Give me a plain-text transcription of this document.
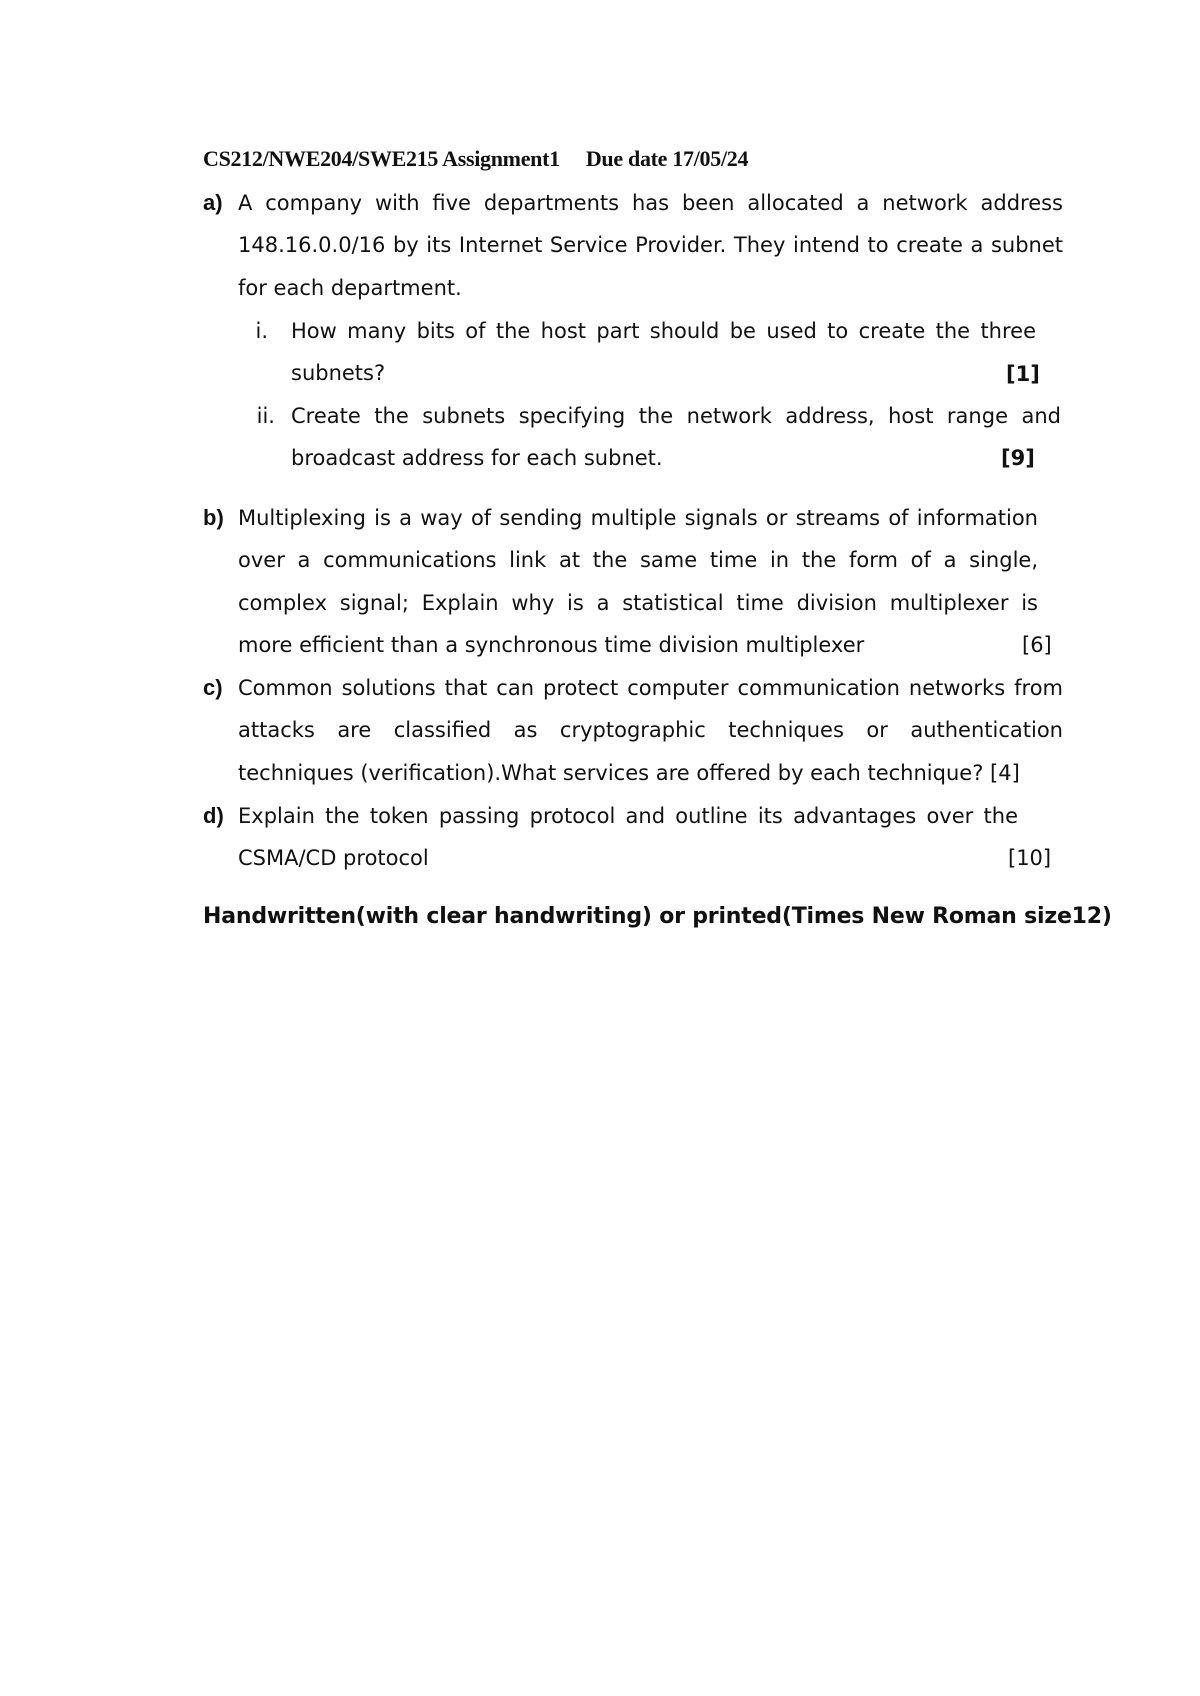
CS212/NWE204/SWE215 Assignment1 Due date 17/05/24
a) A company with five departments has been allocated a network address 148.16.0.0/16 by its Internet Service Provider. They intend to create a subnet for each department.
i. How many bits of the host part should be used to create the three subnets?	[1]
ii. Create the subnets specifying the network address, host range and broadcast address for each subnet.	[9]
b) Multiplexing is a way of sending multiple signals or streams of information over a communications link at the same time in the form of a single, complex signal; Explain why is a statistical time division multiplexer is more efficient than a synchronous time division multiplexer	[6]
c) Common solutions that can protect computer communication networks from attacks are classified as cryptographic techniques or authentication techniques (verification).What services are offered by each technique? [4]
d) Explain the token passing protocol and outline its advantages over the CSMA/CD protocol	[10]
Handwritten(with clear handwriting) or printed(Times New Roman size12)
